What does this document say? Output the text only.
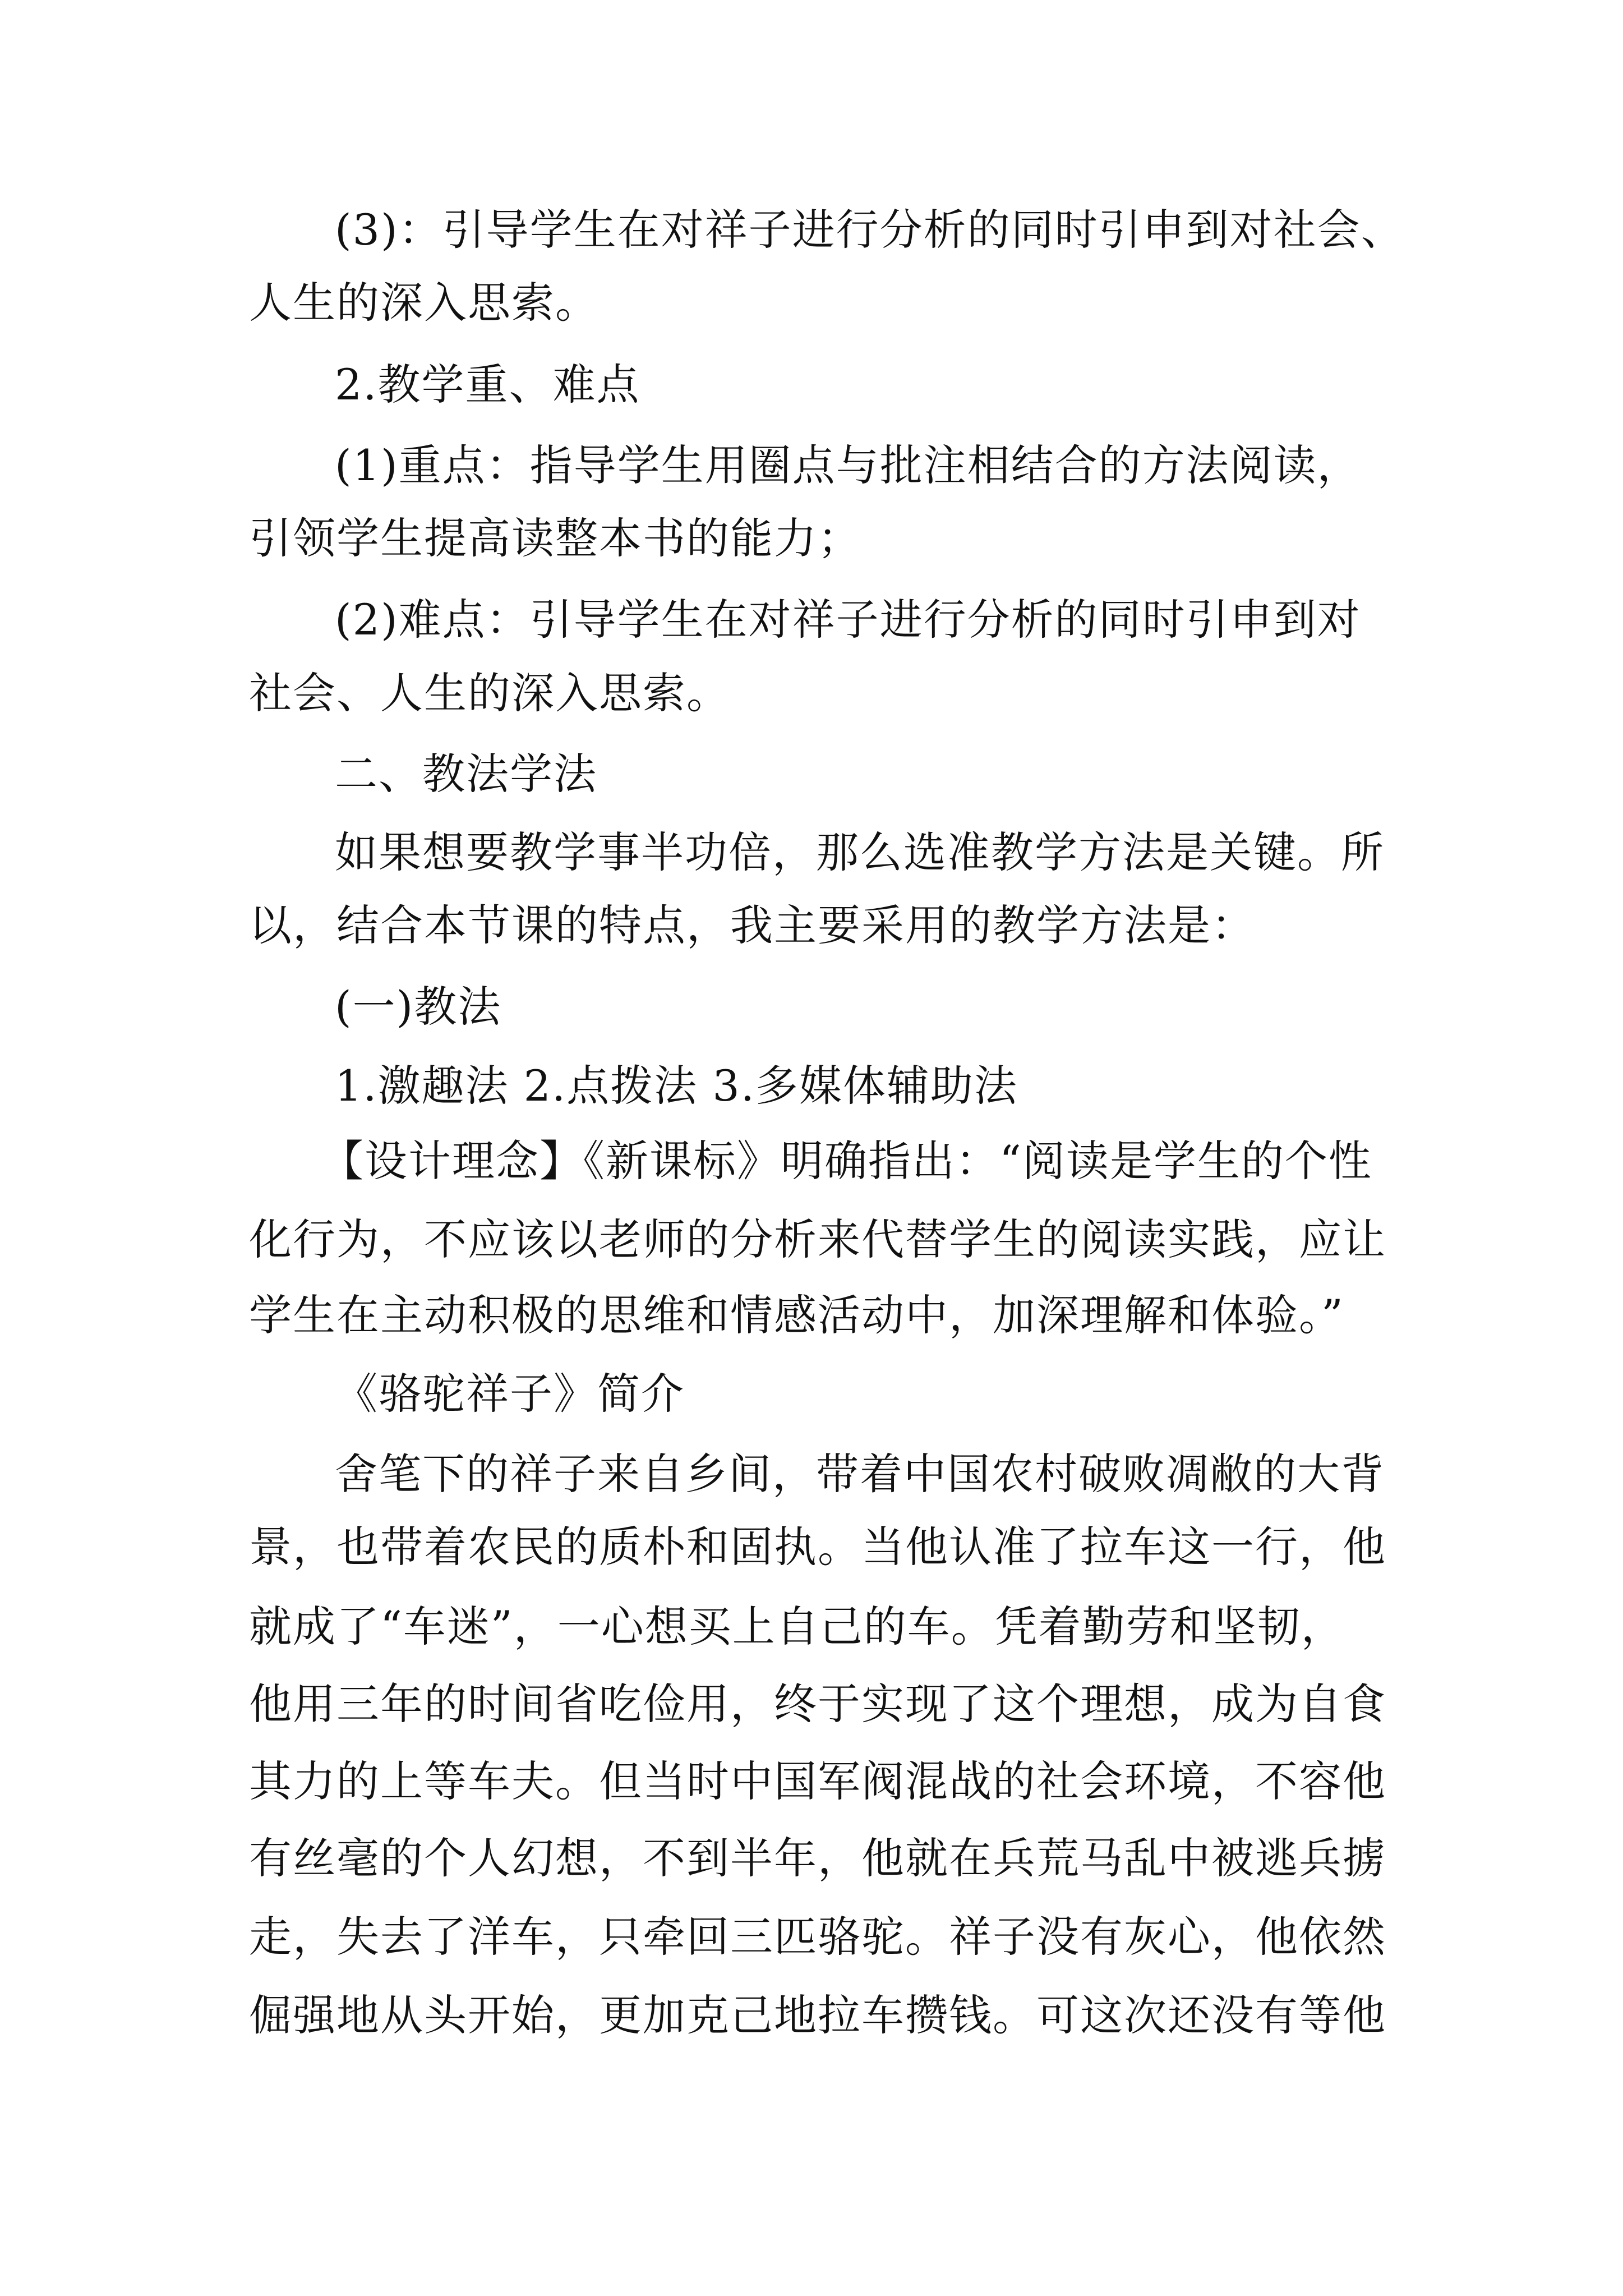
(3)：引导学生在对祥子进行分析的同时引申到对社会、
人生的深入思索。
2.教学重、难点
(1)重点：指导学生用圈点与批注相结合的方法阅读，
引领学生提高读整本书的能力；
(2)难点：引导学生在对祥子进行分析的同时引申到对
社会、人生的深入思索。
二、教法学法
如果想要教学事半功倍，那么选准教学方法是关键。所
以，结合本节课的特点，我主要采用的教学方法是：
(一)教法
1.激趣法 2.点拨法 3.多媒体辅助法
【设计理念】《新课标》明确指出：“阅读是学生的个性
化行为，不应该以老师的分析来代替学生的阅读实践，应让
学生在主动积极的思维和情感活动中，加深理解和体验。”
《骆驼祥子》简介
舍笔下的祥子来自乡间，带着中国农村破败凋敝的大背
景，也带着农民的质朴和固执。当他认准了拉车这一行，他
就成了“车迷”，一心想买上自己的车。凭着勤劳和坚韧，
他用三年的时间省吃俭用，终于实现了这个理想，成为自食
其力的上等车夫。但当时中国军阀混战的社会环境，不容他
有丝毫的个人幻想，不到半年，他就在兵荒马乱中被逃兵掳
走，失去了洋车，只牵回三匹骆驼。祥子没有灰心，他依然
倔强地从头开始，更加克己地拉车攒钱。可这次还没有等他
